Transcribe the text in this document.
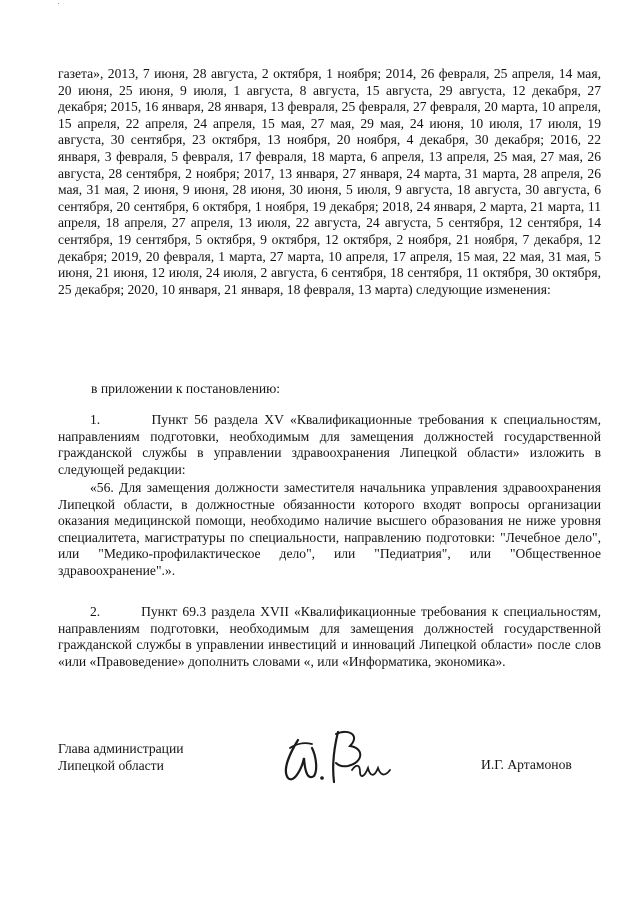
газета», 2013, 7 июня, 28 августа, 2 октября, 1 ноября; 2014, 26 февраля, 25 апреля, 14 мая, 20 июня, 25 июня, 9 июля, 1 августа, 8 августа, 15 августа, 29 августа, 12 декабря, 27 декабря; 2015, 16 января, 28 января, 13 февраля, 25 февраля, 27 февраля, 20 марта, 10 апреля, 15 апреля, 22 апреля, 24 апреля, 15 мая, 27 мая, 29 мая, 24 июня, 10 июля, 17 июля, 19 августа, 30 сентября, 23 октября, 13 ноября, 20 ноября, 4 декабря, 30 декабря; 2016, 22 января, 3 февраля, 5 февраля, 17 февраля, 18 марта, 6 апреля, 13 апреля, 25 мая, 27 мая, 26 августа, 28 сентября, 2 ноября; 2017, 13 января, 27 января, 24 марта, 31 марта, 28 апреля, 26 мая, 31 мая, 2 июня, 9 июня, 28 июня, 30 июня, 5 июля, 9 августа, 18 августа, 30 августа, 6 сентября, 20 сентября, 6 октября, 1 ноября, 19 декабря; 2018, 24 января, 2 марта, 21 марта, 11 апреля, 18 апреля, 27 апреля, 13 июля, 22 августа, 24 августа, 5 сентября, 12 сентября, 14 сентября, 19 сентября, 5 октября, 9 октября, 12 октября, 2 ноября, 21 ноября, 7 декабря, 12 декабря; 2019, 20 февраля, 1 марта, 27 марта, 10 апреля, 17 апреля, 15 мая, 22 мая, 31 мая, 5 июня, 21 июня, 12 июля, 24 июля, 2 августа, 6 сентября, 18 сентября, 11 октября, 30 октября, 25 декабря; 2020, 10 января, 21 января, 18 февраля, 13 марта) следующие изменения:

в приложении к постановлению:

1.        Пункт 56 раздела XV «Квалификационные требования к специальностям, направлениям подготовки, необходимым для замещения должностей государственной гражданской службы в управлении здравоохранения Липецкой области» изложить в следующей редакции:

«56. Для замещения должности заместителя начальника управления здравоохранения Липецкой области, в должностные обязанности которого входят вопросы организации оказания медицинской помощи, необходимо наличие высшего образования не ниже уровня специалитета, магистратуры по специальности, направлению подготовки: "Лечебное дело", или "Медико-профилактическое дело", или "Педиатрия", или "Общественное здравоохранение".».

2.        Пункт 69.3 раздела XVII «Квалификационные требования к специальностям, направлениям подготовки, необходимым для замещения должностей государственной гражданской службы в управлении инвестиций и инноваций Липецкой области» после слов «или «Правоведение» дополнить словами «, или «Информатика, экономика».

Глава администрации
Липецкой области	И.Г. Артамонов
